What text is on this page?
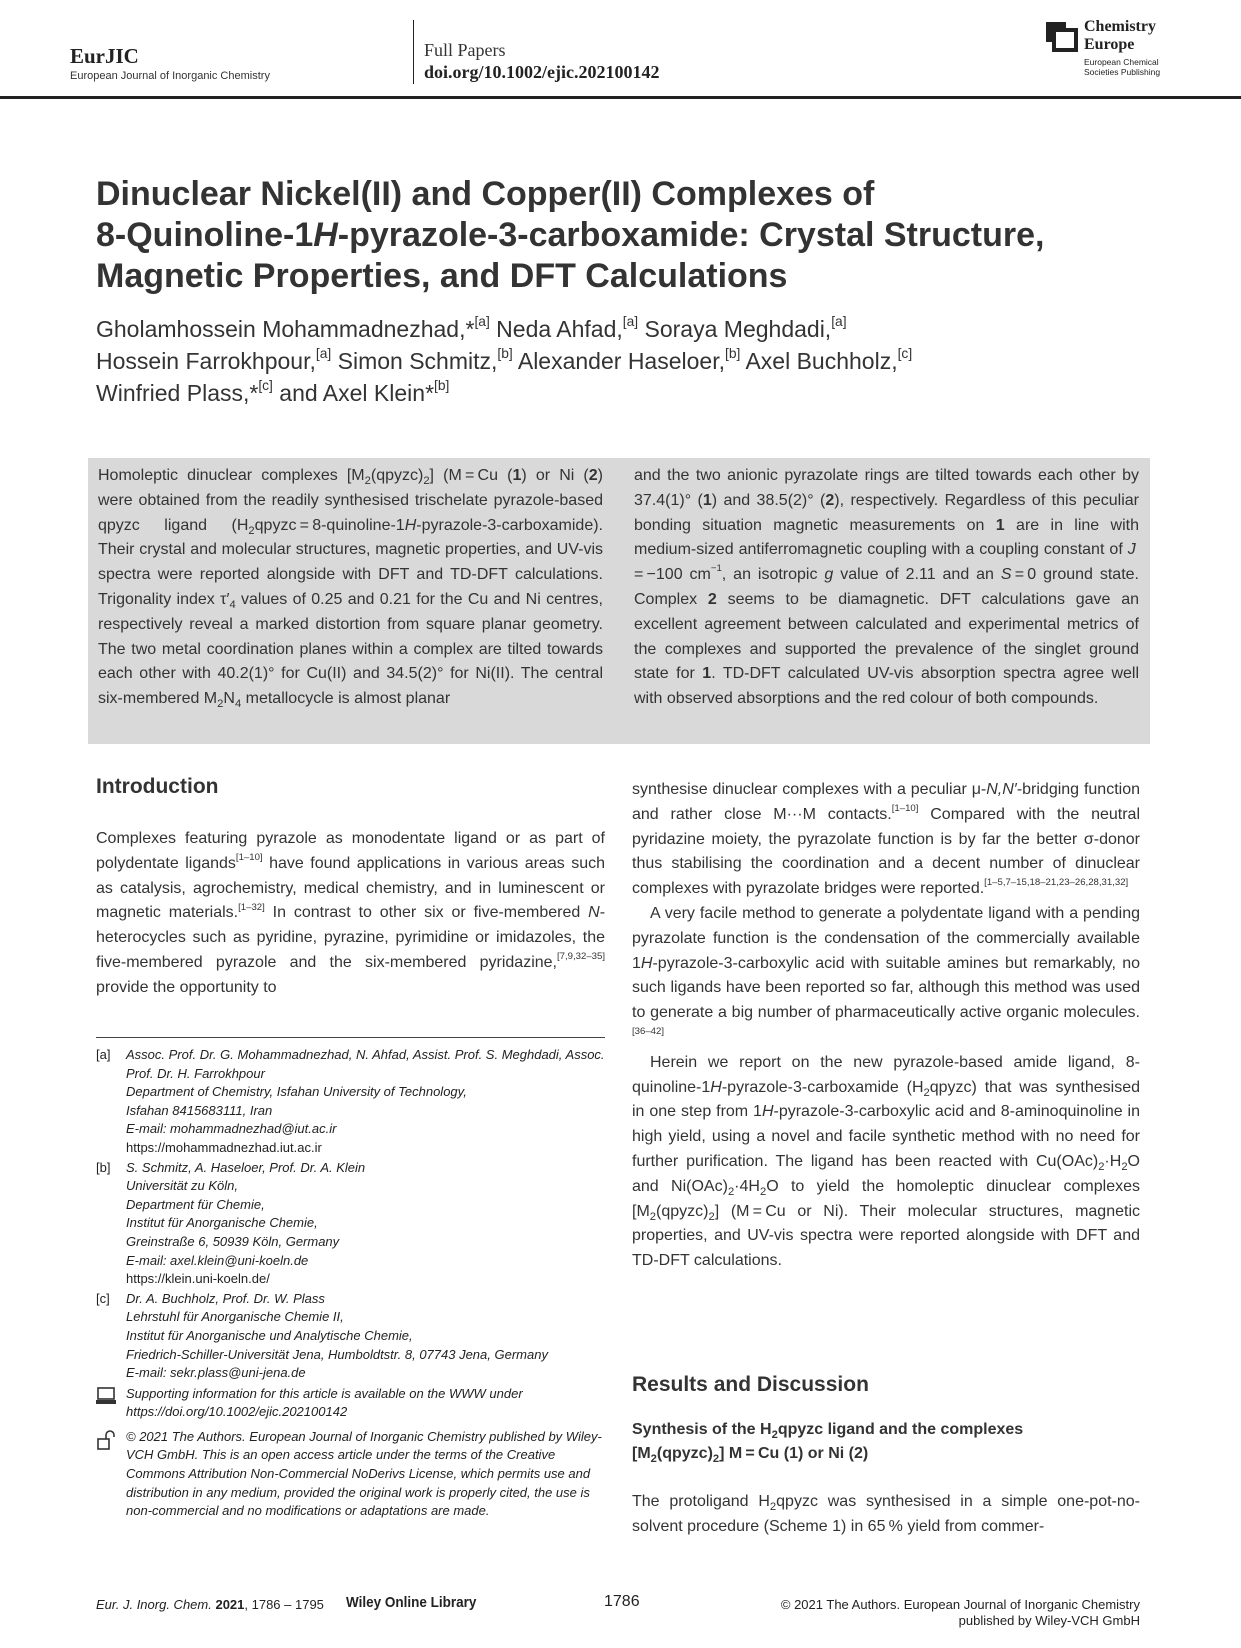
EurJIC
European Journal of Inorganic Chemistry
Full Papers
doi.org/10.1002/ejic.202100142
Chemistry
Europe
European Chemical
Societies Publishing
Dinuclear Nickel(II) and Copper(II) Complexes of
8-Quinoline-1H-pyrazole-3-carboxamide: Crystal Structure,
Magnetic Properties, and DFT Calculations
Gholamhossein Mohammadnezhad,*[a] Neda Ahfad,[a] Soraya Meghdadi,[a]
Hossein Farrokhpour,[a] Simon Schmitz,[b] Alexander Haseloer,[b] Axel Buchholz,[c]
Winfried Plass,*[c] and Axel Klein*[b]
Homoleptic dinuclear complexes $[M_2(qpyzc)_2] (M = Cu$ (1) or Ni (2) were obtained from the readily synthesised trischelate pyrazole-based qpyzc ligand ($H_2qpyzc$ = 8-quinoline-1H-pyrazole-3-carboxamide). Their crystal and molecular structures, magnetic properties, and UV-vis spectra were reported alongside with DFT and TD-DFT calculations. Trigonality index $\tau'_4$ values of 0.25 and 0.21 for the Cu and Ni centres, respectively reveal a marked distortion from square planar geometry. The two metal coordination planes within a complex are tilted towards each other with 40.2(1)° for Cu(II) and 34.5(2)° for Ni(II). The central six-membered $M_2N_4$ metallocycle is almost planar
and the two anionic pyrazolate rings are tilted towards each other by 37.4(1)° (1) and 38.5(2)° (2), respectively. Regardless of this peculiar bonding situation magnetic measurements on 1 are in line with medium-sized antiferromagnetic coupling with a coupling constant of J = −100 $cm^{-1}$, an isotropic g value of 2.11 and an S = 0 ground state. Complex 2 seems to be diamagnetic. DFT calculations gave an excellent agreement between calculated and experimental metrics of the complexes and supported the prevalence of the singlet ground state for 1. TD-DFT calculated UV-vis absorption spectra agree well with observed absorptions and the red colour of both compounds.
Introduction

Complexes featuring pyrazole as monodentate ligand or as part of polydentate ligands[1–10] have found applications in various areas such as catalysis, agrochemistry, medical chemistry, and in luminescent or magnetic materials.[1–32] In contrast to other six or five-membered N-heterocycles such as pyridine, pyrazine, pyrimidine or imidazoles, the five-membered pyrazole and the six-membered pyridazine,[7,9,32–35] provide the opportunity to

[a] Assoc. Prof. Dr. G. Mohammadnezhad, N. Ahfad, Assist. Prof. S. Meghdadi, Assoc. Prof. Dr. H. Farrokhpour
Department of Chemistry, Isfahan University of Technology,
Isfahan 8415683111, Iran
E-mail: mohammadnezhad@iut.ac.ir
https://mohammadnezhad.iut.ac.ir
[b] S. Schmitz, A. Haseloer, Prof. Dr. A. Klein
Universität zu Köln,
Department für Chemie,
Institut für Anorganische Chemie,
Greinstraße 6, 50939 Köln, Germany
E-mail: axel.klein@uni-koeln.de
https://klein.uni-koeln.de/
[c] Dr. A. Buchholz, Prof. Dr. W. Plass
Lehrstuhl für Anorganische Chemie II,
Institut für Anorganische und Analytische Chemie,
Friedrich-Schiller-Universität Jena, Humboldtstr. 8, 07743 Jena, Germany
E-mail: sekr.plass@uni-jena.de
Supporting information for this article is available on the WWW under https://doi.org/10.1002/ejic.202100142
© 2021 The Authors. European Journal of Inorganic Chemistry published by Wiley-VCH GmbH. This is an open access article under the terms of the Creative Commons Attribution Non-Commercial NoDerivs License, which permits use and distribution in any medium, provided the original work is properly cited, the use is non-commercial and no modifications or adaptations are made.

synthesise dinuclear complexes with a peculiar μ-N,N′-bridging function and rather close M···M contacts.[1–10] Compared with the neutral pyridazine moiety, the pyrazolate function is by far the better σ-donor thus stabilising the coordination and a decent number of dinuclear complexes with pyrazolate bridges were reported.[1–5,7–15,18–21,23–26,28,31,32]

A very facile method to generate a polydentate ligand with a pending pyrazolate function is the condensation of the commercially available 1H-pyrazole-3-carboxylic acid with suitable amines but remarkably, no such ligands have been reported so far, although this method was used to generate a big number of pharmaceutically active organic molecules.[36–42]

Herein we report on the new pyrazole-based amide ligand, 8-quinoline-1H-pyrazole-3-carboxamide $(H_2qpyzc)$ that was synthesised in one step from 1H-pyrazole-3-carboxylic acid and 8-aminoquinoline in high yield, using a novel and facile synthetic method with no need for further purification. The ligand has been reacted with $Cu(OAc)_2\cdot H_2O$ and $Ni(OAc)_2\cdot 4H_2O$ to yield the homoleptic dinuclear complexes $[M_2(qpyzc)_2] (M = Cu$ or Ni). Their molecular structures, magnetic properties, and UV-vis spectra were reported alongside with DFT and TD-DFT calculations.

Results and Discussion
Synthesis of the $H_2qpyzc$ ligand and the complexes
$[M_2(qpyzc)_2] M = Cu$ (1) or Ni (2)

The protoligand $H_2qpyzc$ was synthesised in a simple one-pot-no-solvent procedure (Scheme 1) in 65 % yield from commer-

Eur. J. Inorg. Chem. 2021, 1786 – 1795 Wiley Online Library	1786	© 2021 The Authors. European Journal of Inorganic Chemistry
published by Wiley-VCH GmbH
